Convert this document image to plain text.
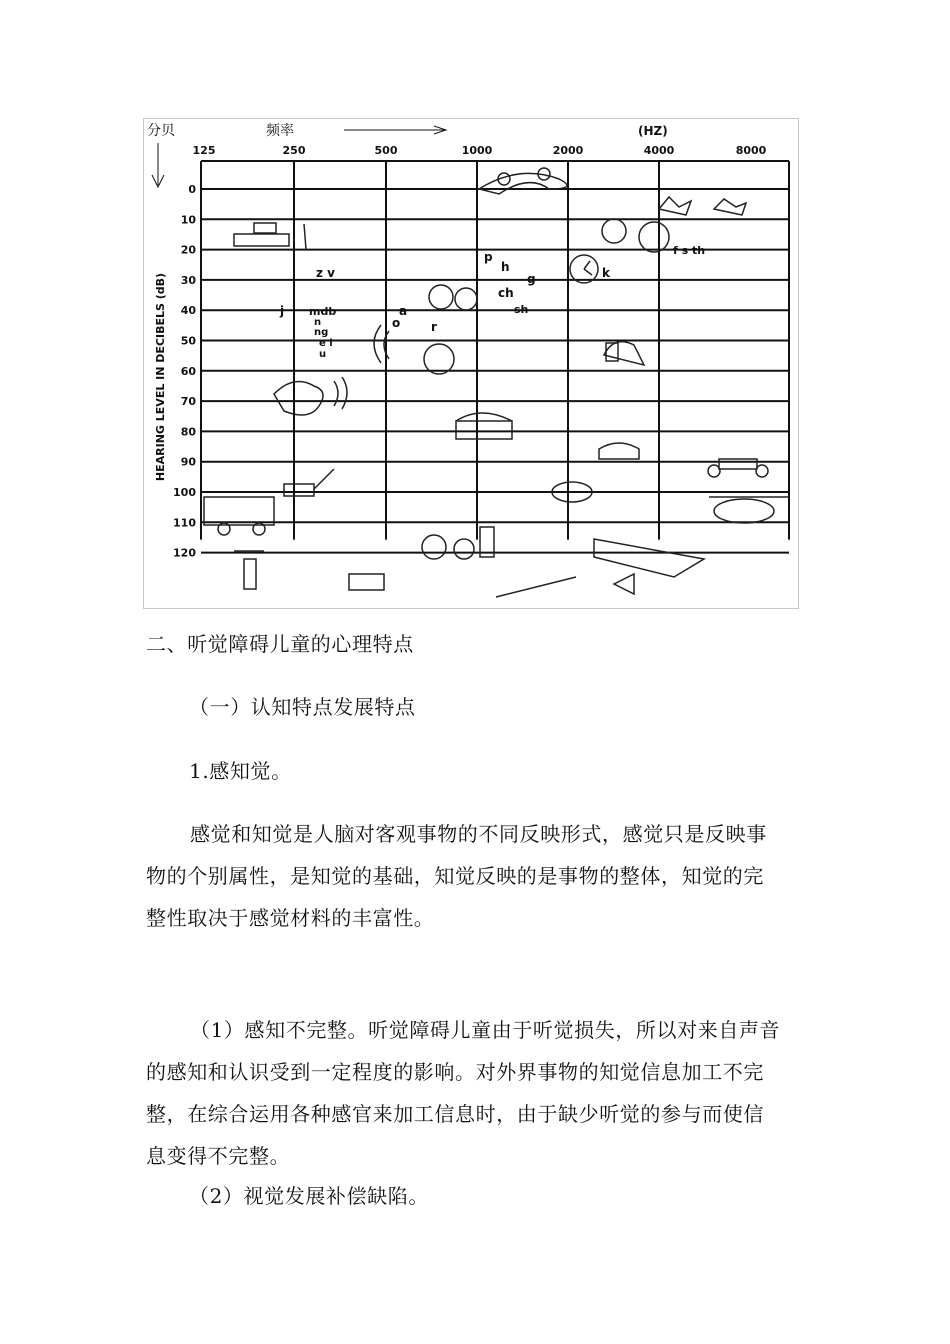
分贝	频率	(HZ)
125	250	500	1000	2000	4000	8000
0
10
20
30
40
50
60
70
80
90
100
110
120
HEARING LEVEL IN DECIBELS (dB)	z v
j mdb
n
ng
e l
u
a
o	r
p
h
g
ch
sh
k
f s th
二、听觉障碍儿童的心理特点
（一）认知特点发展特点
1.感知觉。
感觉和知觉是人脑对客观事物的不同反映形式，感觉只是反映事
物的个别属性，是知觉的基础，知觉反映的是事物的整体，知觉的完
整性取决于感觉材料的丰富性。
（1）感知不完整。听觉障碍儿童由于听觉损失，所以对来自声音
的感知和认识受到一定程度的影响。对外界事物的知觉信息加工不完
整，在综合运用各种感官来加工信息时，由于缺少听觉的参与而使信
息变得不完整。
（2）视觉发展补偿缺陷。
